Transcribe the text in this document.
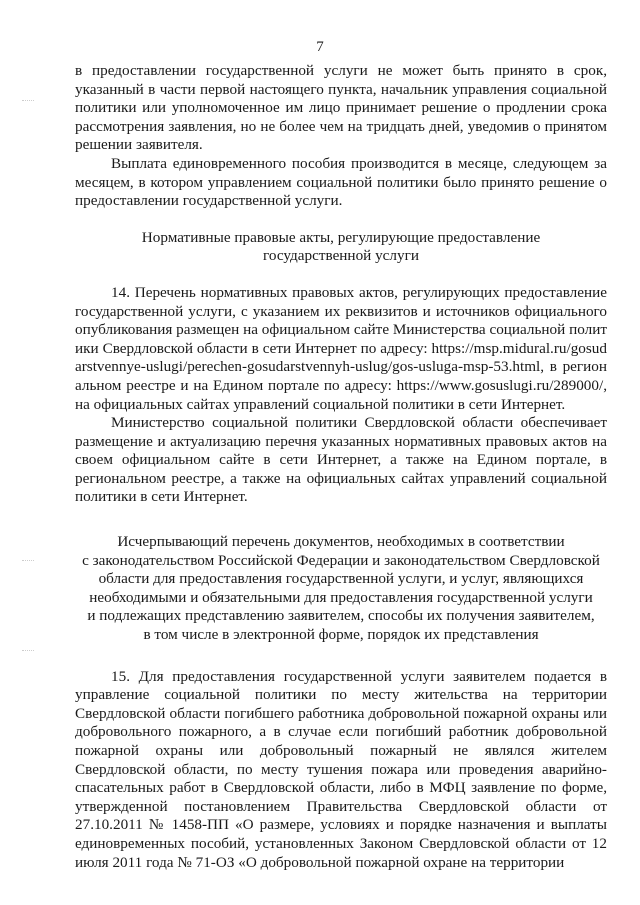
7

в предоставлении государственной услуги не может быть принято в срок, указанный в части первой настоящего пункта, начальник управления социальной политики или уполномоченное им лицо принимает решение о продлении срока рассмотрения заявления, но не более чем на тридцать дней, уведомив о принятом решении заявителя.

Выплата единовременного пособия производится в месяце, следующем за месяцем, в котором управлением социальной политики было принято решение о предоставлении государственной услуги.

Нормативные правовые акты, регулирующие предоставление
государственной услуги

14. Перечень нормативных правовых актов, регулирующих предоставление государственной услуги, с указанием их реквизитов и источников официального опубликования размещен на официальном сайте Министерства социальной политики Свердловской области в сети Интернет по адресу: https://msp.midural.ru/gosudarstvennye-uslugi/perechen-gosudarstvennyh-uslug/gos-usluga-msp-53.html, в региональном реестре и на Едином портале по адресу: https://www.gosuslugi.ru/289000/, на официальных сайтах управлений социальной политики в сети Интернет.

Министерство социальной политики Свердловской области обеспечивает размещение и актуализацию перечня указанных нормативных правовых актов на своем официальном сайте в сети Интернет, а также на Едином портале, в региональном реестре, а также на официальных сайтах управлений социальной политики в сети Интернет.

Исчерпывающий перечень документов, необходимых в соответствии
с законодательством Российской Федерации и законодательством Свердловской
области для предоставления государственной услуги, и услуг, являющихся
необходимыми и обязательными для предоставления государственной услуги
и подлежащих представлению заявителем, способы их получения заявителем,
в том числе в электронной форме, порядок их представления

15. Для предоставления государственной услуги заявителем подается в управление социальной политики по месту жительства на территории Свердловской области погибшего работника добровольной пожарной охраны или добровольного пожарного, а в случае если погибший работник добровольной пожарной охраны или добровольный пожарный не являлся жителем Свердловской области, по месту тушения пожара или проведения аварийно-спасательных работ в Свердловской области, либо в МФЦ заявление по форме, утвержденной постановлением Правительства Свердловской области от 27.10.2011 № 1458-ПП «О размере, условиях и порядке назначения и выплаты единовременных пособий, установленных Законом Свердловской области от 12 июля 2011 года № 71-ОЗ «О добровольной пожарной охране на территории
